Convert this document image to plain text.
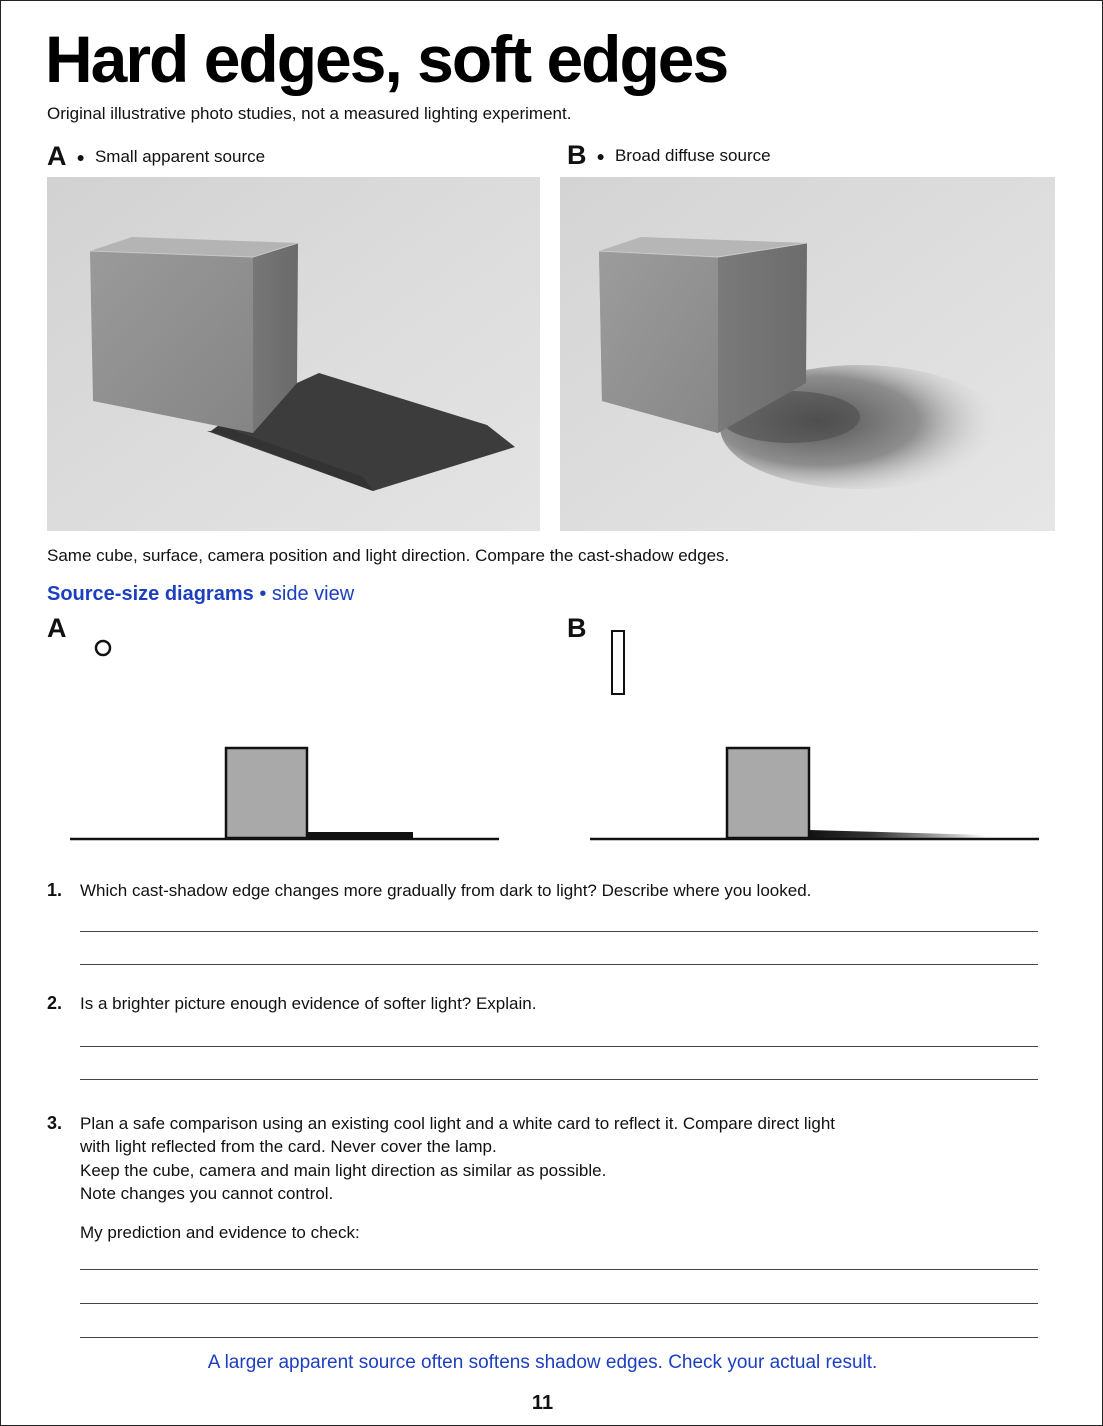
Hard edges, soft edges
Original illustrative photo studies, not a measured lighting experiment.
A ● Small apparent source	B ● Broad diffuse source
Same cube, surface, camera position and light direction. Compare the cast-shadow edges.
Source-size diagrams • side view
A	B
1. Which cast-shadow edge changes more gradually from dark to light? Describe where you looked.
2. Is a brighter picture enough evidence of softer light? Explain.
3. Plan a safe comparison using an existing cool light and a white card to reflect it. Compare direct light
with light reflected from the card. Never cover the lamp.
Keep the cube, camera and main light direction as similar as possible.
Note changes you cannot control.
My prediction and evidence to check:
A larger apparent source often softens shadow edges. Check your actual result.
11
